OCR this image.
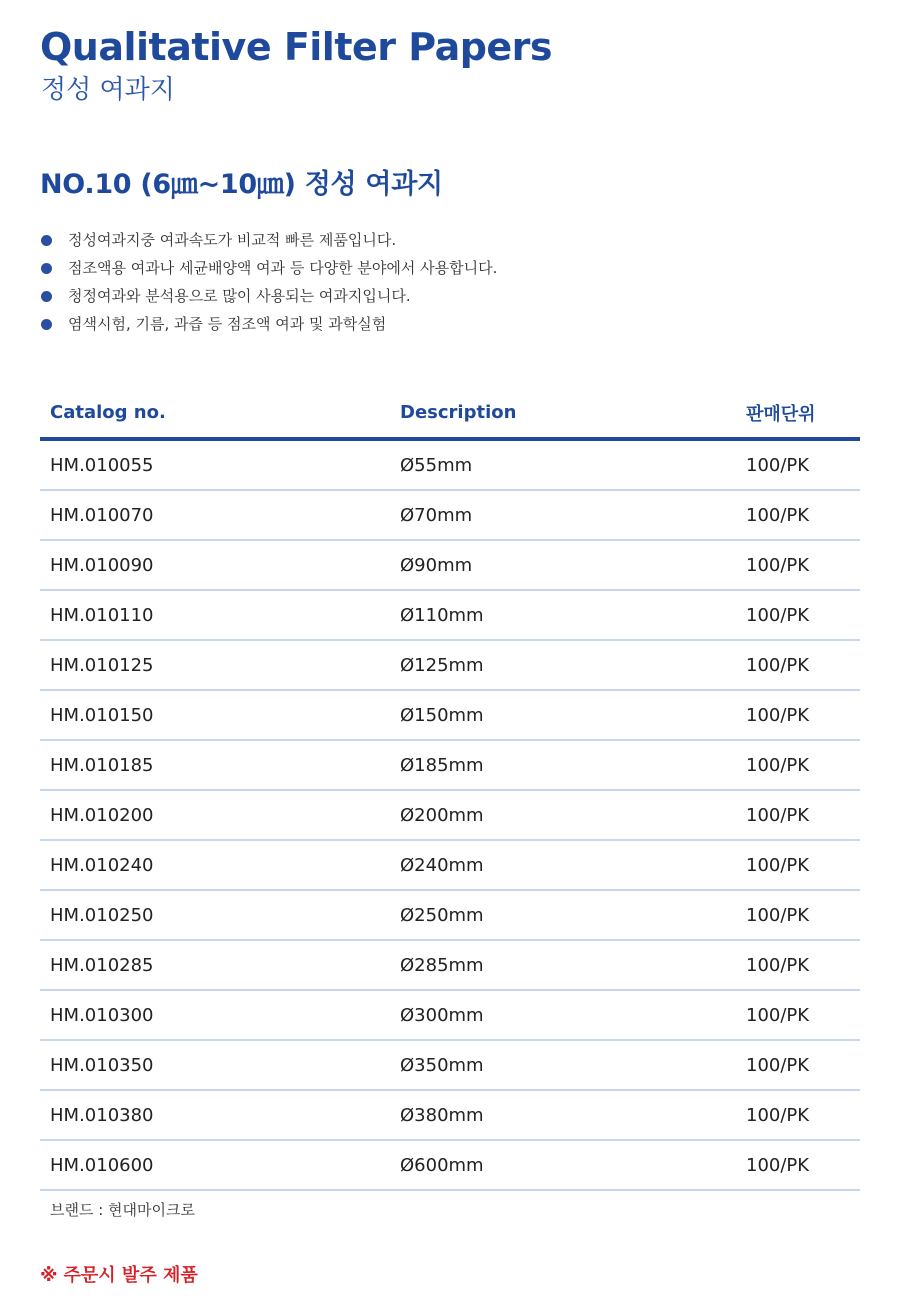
Qualitative Filter Papers
정성 여과지
NO.10 (6㎛~10㎛) 정성 여과지
정성여과지중 여과속도가 비교적 빠른 제품입니다.
점조액용 여과나 세균배양액 여과 등 다양한 분야에서 사용합니다.
청정여과와 분석용으로 많이 사용되는 여과지입니다.
염색시험, 기름, 과즙 등 점조액 여과 및 과학실험
Catalog no.	Description	판매단위
HM.010055	Ø55mm	100/PK
HM.010070	Ø70mm	100/PK
HM.010090	Ø90mm	100/PK
HM.010110	Ø110mm	100/PK
HM.010125	Ø125mm	100/PK
HM.010150	Ø150mm	100/PK
HM.010185	Ø185mm	100/PK
HM.010200	Ø200mm	100/PK
HM.010240	Ø240mm	100/PK
HM.010250	Ø250mm	100/PK
HM.010285	Ø285mm	100/PK
HM.010300	Ø300mm	100/PK
HM.010350	Ø350mm	100/PK
HM.010380	Ø380mm	100/PK
HM.010600	Ø600mm	100/PK

브랜드 : 현대마이크로

※ 주문시 발주 제품
